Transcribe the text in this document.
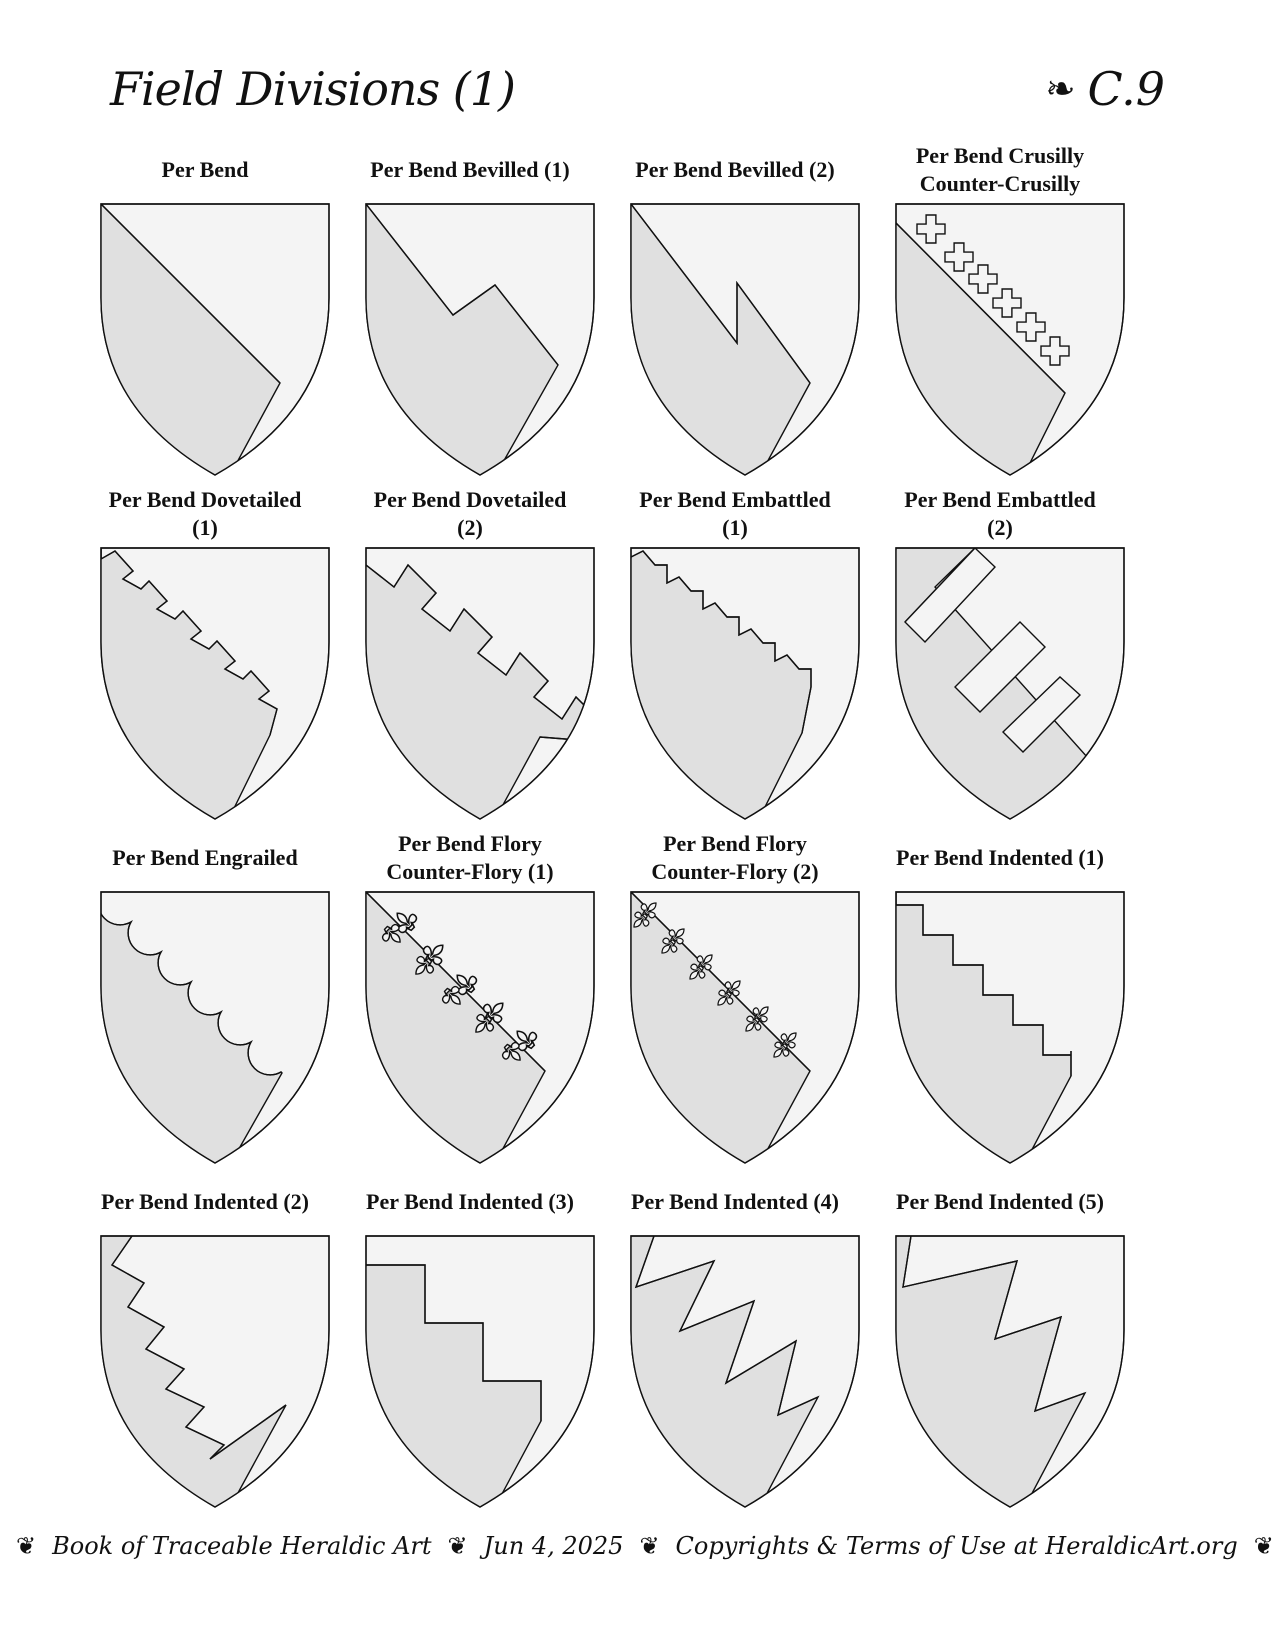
Field Divisions (1)	❧ C.9
Per Bend	Per Bend Bevilled (1)	Per Bend Bevilled (2)
Per Bend Crusilly
Counter-Crusilly
Per Bend Dovetailed
(1)
Per Bend Dovetailed
(2)
Per Bend Embattled
(1)
Per Bend Embattled
(2)
Per Bend Engrailed
Per Bend Flory
Counter-Flory (1)
Per Bend Flory
Counter-Flory (2)
Per Bend Indented (1)
Per Bend Indented (2)	Per Bend Indented (3)	Per Bend Indented (4)	Per Bend Indented (5)
❦ Book of Traceable Heraldic Art ❦ Jun 4, 2025 ❦ Copyrights & Terms of Use at HeraldicArt.org ❦
